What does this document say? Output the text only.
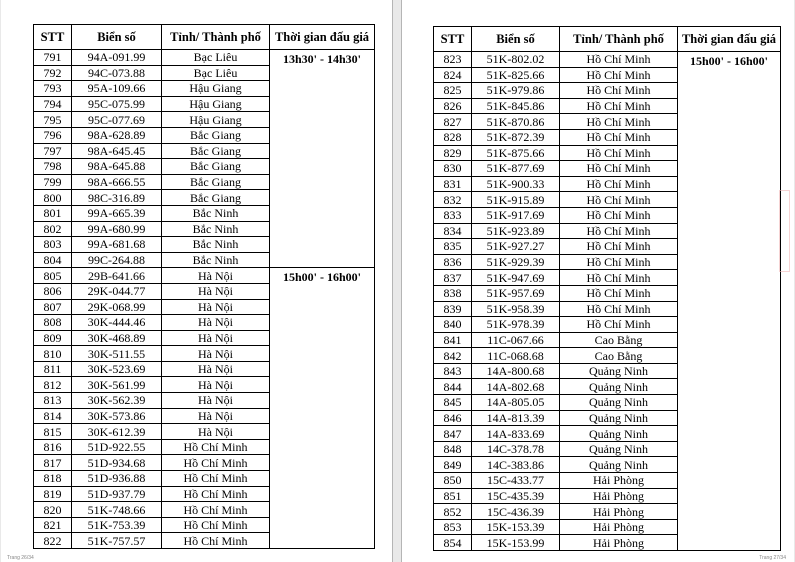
STT	Biển số	Tỉnh/ Thành phố	Thời gian đấu giá
791	94A-091.99	Bạc Liêu	13h30' - 14h30'
792	94C-073.88	Bạc Liêu	
793	95A-109.66	Hậu Giang	
794	95C-075.99	Hậu Giang	
795	95C-077.69	Hậu Giang	
796	98A-628.89	Bắc Giang	
797	98A-645.45	Bắc Giang	
798	98A-645.88	Bắc Giang	
799	98A-666.55	Bắc Giang	
800	98C-316.89	Bắc Giang	
801	99A-665.39	Bắc Ninh	
802	99A-680.99	Bắc Ninh	
803	99A-681.68	Bắc Ninh	
804	99C-264.88	Bắc Ninh	
805	29B-641.66	Hà Nội	15h00' - 16h00'
806	29K-044.77	Hà Nội	
807	29K-068.99	Hà Nội	
808	30K-444.46	Hà Nội	
809	30K-468.89	Hà Nội	
810	30K-511.55	Hà Nội	
811	30K-523.69	Hà Nội	
812	30K-561.99	Hà Nội	
813	30K-562.39	Hà Nội	
814	30K-573.86	Hà Nội	
815	30K-612.39	Hà Nội	
816	51D-922.55	Hồ Chí Minh	
817	51D-934.68	Hồ Chí Minh	
818	51D-936.88	Hồ Chí Minh	
819	51D-937.79	Hồ Chí Minh	
820	51K-748.66	Hồ Chí Minh	
821	51K-753.39	Hồ Chí Minh	
822	51K-757.57	Hồ Chí Minh	
Trang 26/34
STT	Biển số	Tỉnh/ Thành phố	Thời gian đấu giá
823	51K-802.02	Hồ Chí Minh	15h00' - 16h00'
824	51K-825.66	Hồ Chí Minh	
825	51K-979.86	Hồ Chí Minh	
826	51K-845.86	Hồ Chí Minh	
827	51K-870.86	Hồ Chí Minh	
828	51K-872.39	Hồ Chí Minh	
829	51K-875.66	Hồ Chí Minh	
830	51K-877.69	Hồ Chí Minh	
831	51K-900.33	Hồ Chí Minh	
832	51K-915.89	Hồ Chí Minh	
833	51K-917.69	Hồ Chí Minh	
834	51K-923.89	Hồ Chí Minh	
835	51K-927.27	Hồ Chí Minh	
836	51K-929.39	Hồ Chí Minh	
837	51K-947.69	Hồ Chí Minh	
838	51K-957.69	Hồ Chí Minh	
839	51K-958.39	Hồ Chí Minh	
840	51K-978.39	Hồ Chí Minh	
841	11C-067.66	Cao Bằng	
842	11C-068.68	Cao Bằng	
843	14A-800.68	Quảng Ninh	
844	14A-802.68	Quảng Ninh	
845	14A-805.05	Quảng Ninh	
846	14A-813.39	Quảng Ninh	
847	14A-833.69	Quảng Ninh	
848	14C-378.78	Quảng Ninh	
849	14C-383.86	Quảng Ninh	
850	15C-433.77	Hải Phòng	
851	15C-435.39	Hải Phòng	
852	15C-436.39	Hải Phòng	
853	15K-153.39	Hải Phòng	
854	15K-153.99	Hải Phòng	
Trang 27/34
